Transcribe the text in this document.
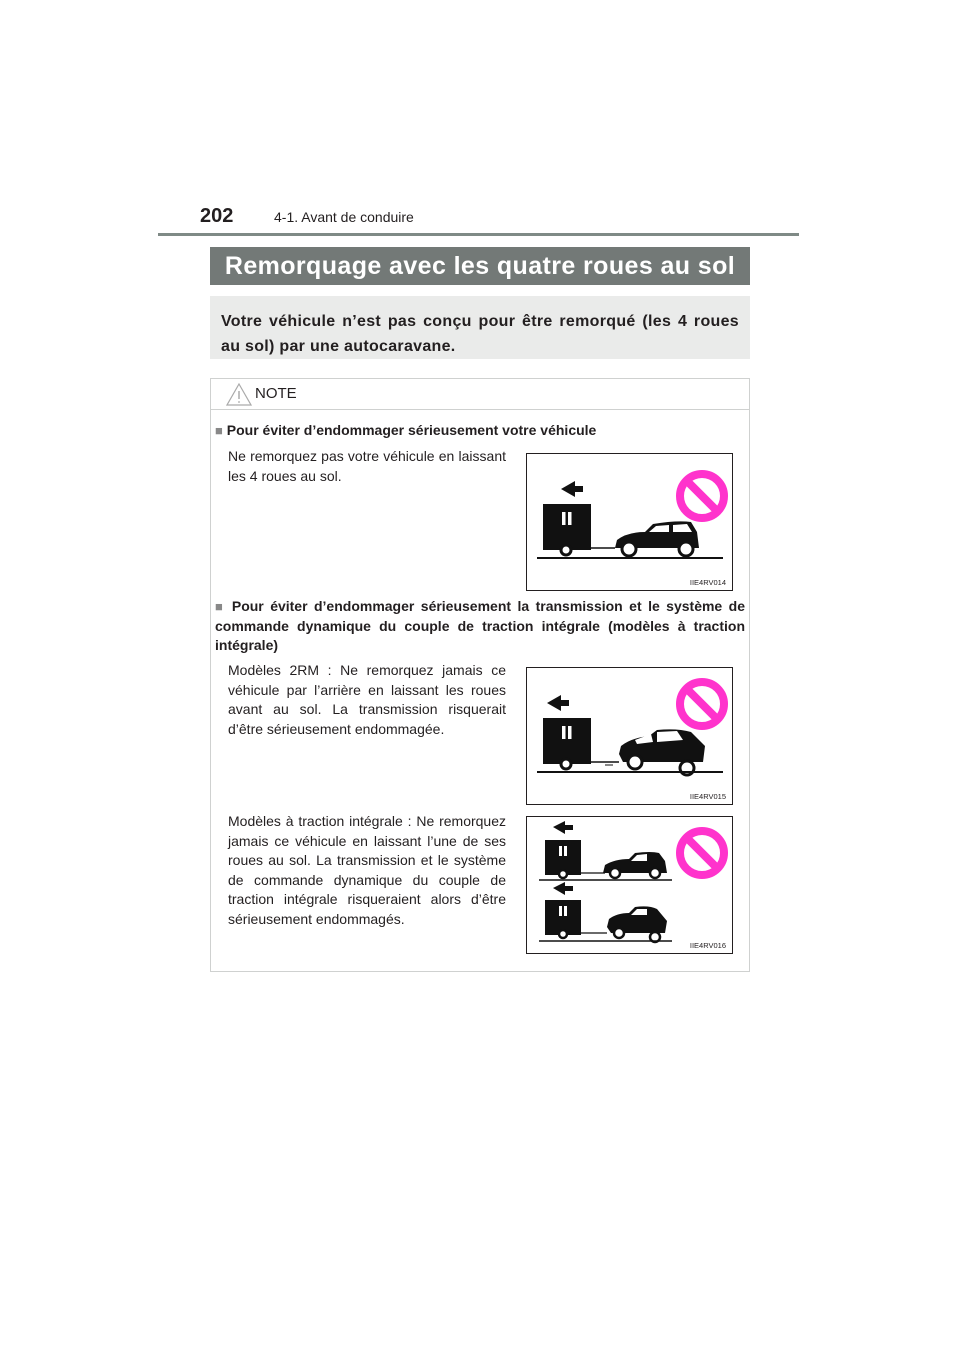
202	4-1. Avant de conduire
Remorquage avec les quatre roues au sol
Votre véhicule n’est pas conçu pour être remorqué (les 4 roues au sol) par une autocaravane.
NOTE
■ Pour éviter d’endommager sérieusement votre véhicule
Ne remorquez pas votre véhicule en laissant les 4 roues au sol.
IIE4RV014
■ Pour éviter d’endommager sérieusement la transmission et le système de commande dynamique du couple de traction intégrale (modèles à traction intégrale)
Modèles 2RM : Ne remorquez jamais ce véhicule par l’arrière en laissant les roues avant au sol. La transmission risquerait d’être sérieusement endommagée.
IIE4RV015
Modèles à traction intégrale : Ne remorquez jamais ce véhicule en laissant l’une de ses roues au sol. La transmission et le système de commande dynamique du couple de traction intégrale risqueraient alors d’être sérieusement endommagés.
IIE4RV016
